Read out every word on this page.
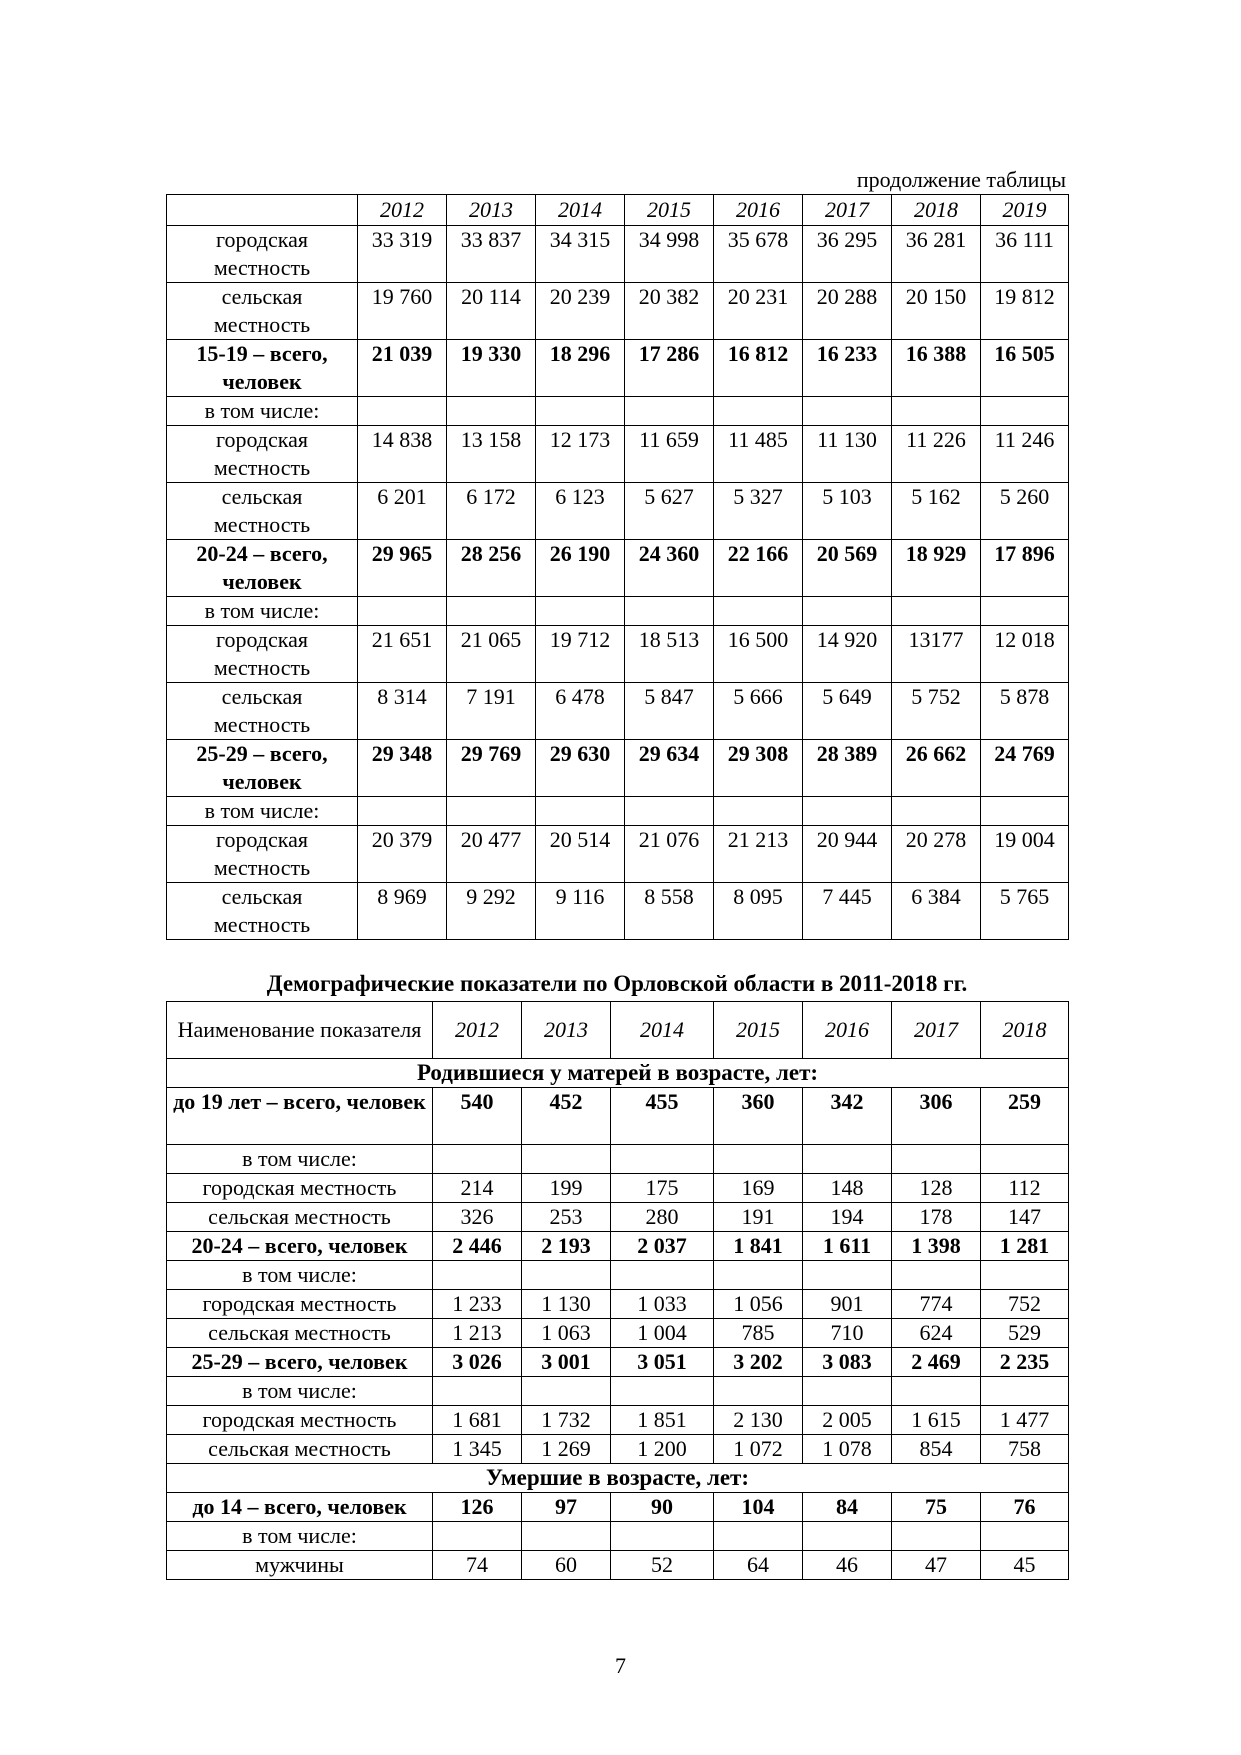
продолжение таблицы
	2012	2013	2014	2015	2016	2017	2018	2019
городская местность	33 319	33 837	34 315	34 998	35 678	36 295	36 281	36 111
сельская местность	19 760	20 114	20 239	20 382	20 231	20 288	20 150	19 812
15-19 – всего, человек	21 039	19 330	18 296	17 286	16 812	16 233	16 388	16 505
в том числе:								
городская местность	14 838	13 158	12 173	11 659	11 485	11 130	11 226	11 246
сельская местность	6 201	6 172	6 123	5 627	5 327	5 103	5 162	5 260
20-24 – всего, человек	29 965	28 256	26 190	24 360	22 166	20 569	18 929	17 896
в том числе:								
городская местность	21 651	21 065	19 712	18 513	16 500	14 920	13177	12 018
сельская местность	8 314	7 191	6 478	5 847	5 666	5 649	5 752	5 878
25-29 – всего, человек	29 348	29 769	29 630	29 634	29 308	28 389	26 662	24 769
в том числе:								
городская местность	20 379	20 477	20 514	21 076	21 213	20 944	20 278	19 004
сельская местность	8 969	9 292	9 116	8 558	8 095	7 445	6 384	5 765
Демографические показатели по Орловской области в 2011-2018 гг.
Наименование показателя	2012	2013	2014	2015	2016	2017	2018
Родившиеся у матерей в возрасте, лет:							
до 19 лет – всего, человек	540	452	455	360	342	306	259
в том числе:							
городская местность	214	199	175	169	148	128	112
сельская местность	326	253	280	191	194	178	147
20-24 – всего, человек	2 446	2 193	2 037	1 841	1 611	1 398	1 281
в том числе:							
городская местность	1 233	1 130	1 033	1 056	901	774	752
сельская местность	1 213	1 063	1 004	785	710	624	529
25-29 – всего, человек	3 026	3 001	3 051	3 202	3 083	2 469	2 235
в том числе:							
городская местность	1 681	1 732	1 851	2 130	2 005	1 615	1 477
сельская местность	1 345	1 269	1 200	1 072	1 078	854	758
Умершие в возрасте, лет:							
до 14 – всего, человек	126	97	90	104	84	75	76
в том числе:							
мужчины	74	60	52	64	46	47	45
7
